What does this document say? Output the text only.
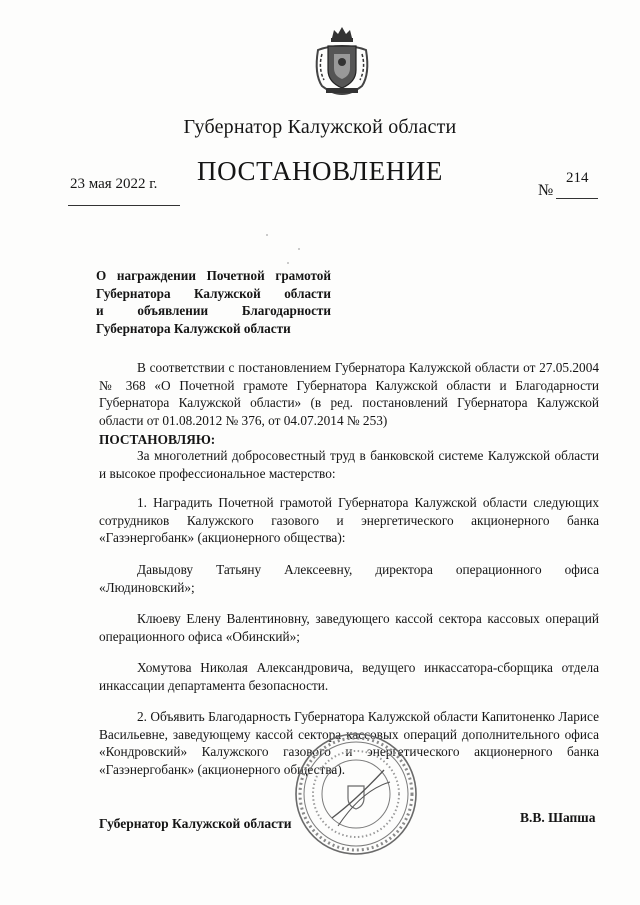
Губернатор Калужской области
ПОСТАНОВЛЕНИЕ
23 мая 2022 г.	214
№
О награждении Почетной грамотой
Губернатора Калужской области
и объявлении Благодарности
Губернатора Калужской области
В соответствии с постановлением Губернатора Калужской области от 27.05.2004 № 368 «О Почетной грамоте Губернатора Калужской области и Благодарности Губернатора Калужской области» (в ред. постановлений Губернатора Калужской области от 01.08.2012 № 376, от 04.07.2014 № 253)
ПОСТАНОВЛЯЮ:
За многолетний добросовестный труд в банковской системе Калужской области и высокое профессиональное мастерство:
1. Наградить Почетной грамотой Губернатора Калужской области следующих сотрудников Калужского газового и энергетического акционерного банка «Газэнергобанк» (акционерного общества):
Давыдову Татьяну Алексеевну, директора операционного офиса «Людиновский»;
Клюеву Елену Валентиновну, заведующего кассой сектора кассовых операций операционного офиса «Обинский»;
Хомутова Николая Александровича, ведущего инкассатора-сборщика отдела инкассации департамента безопасности.
2. Объявить Благодарность Губернатора Калужской области Капитоненко Ларисе Васильевне, заведующему кассой сектора кассовых операций дополнительного офиса «Кондровский» Калужского газового и энергетического акционерного банка «Газэнергобанк» (акционерного общества).
Губернатор Калужской области	В.В. Шапша
